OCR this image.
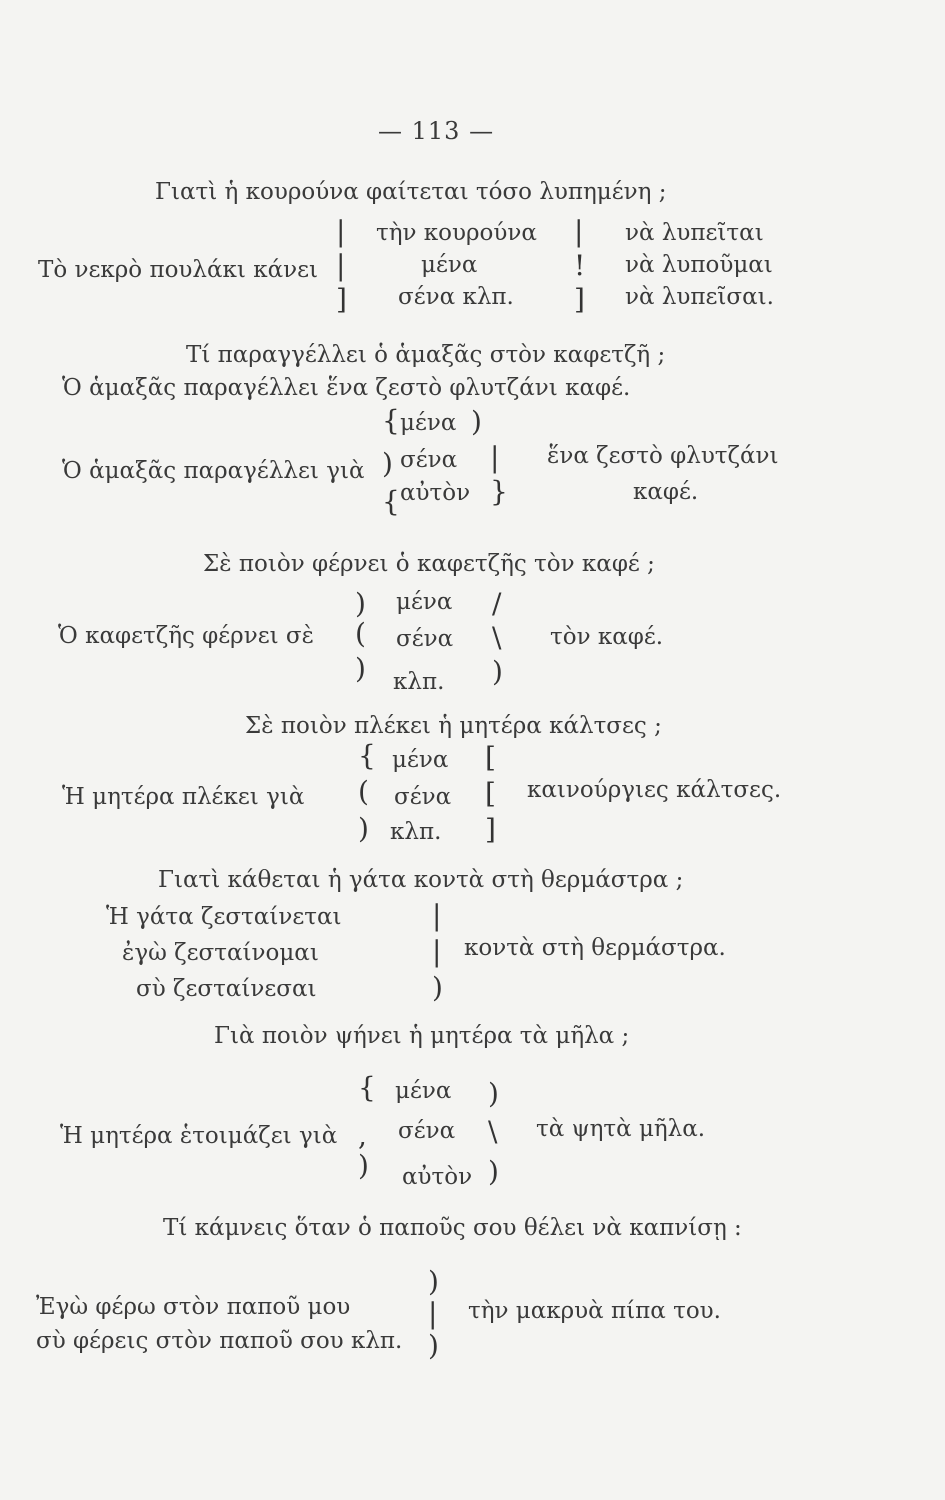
— 113 —
Γιατὶ ἡ κουρούνα φαίτεται τόσο λυπημένη ;
Τὸ νεκρὸ πουλάκι κάνει
|
|
]
τὴν κουρούνα
μένα
σένα κλπ.
|
!
]
νὰ λυπεῖται
νὰ λυποῦμαι
νὰ λυπεῖσαι.
Τί παραγγέλλει ὁ ἁμαξᾶς στὸν καφετζῆ ;
Ὁ ἁμαξᾶς παραγέλλει ἕνα ζεστὸ φλυτζάνι καφέ.
Ὁ ἁμαξᾶς παραγέλλει γιὰ
{
)
{
μένα )
σένα
αὐτὸν
|
}
ἕνα ζεστὸ φλυτζάνι
καφέ.
Σὲ ποιὸν φέρνει ὁ καφετζῆς τὸν καφέ ;
Ὁ καφετζῆς φέρνει σὲ
)
(
)
μένα
σένα
κλπ.
/
\
)
τὸν καφέ.
Σὲ ποιὸν πλέκει ἡ μητέρα κάλτσες ;
Ἡ μητέρα πλέκει γιὰ
{
(
)
μένα
σένα
κλπ.
[
[
]
καινούργιες κάλτσες.
Γιατὶ κάθεται ἡ γάτα κοντὰ στὴ θερμάστρα ;
Ἡ γάτα ζεσταίνεται
ἐγὼ ζεσταίνομαι
σὺ ζεσταίνεσαι
|
|
)
κοντὰ στὴ θερμάστρα.
Γιὰ ποιὸν ψήνει ἡ μητέρα τὰ μῆλα ;
Ἡ μητέρα ἑτοιμάζει γιὰ
{
,
)
μένα
σένα
αὐτὸν
)
\
)
τὰ ψητὰ μῆλα.
Τί κάμνεις ὅταν ὁ παποῦς σου θέλει νὰ καπνίσῃ :
Ἐγὼ φέρω στὸν παποῦ μου
σὺ φέρεις στὸν παποῦ σου κλπ.
)
|
)
τὴν μακρυὰ πίπα του.
